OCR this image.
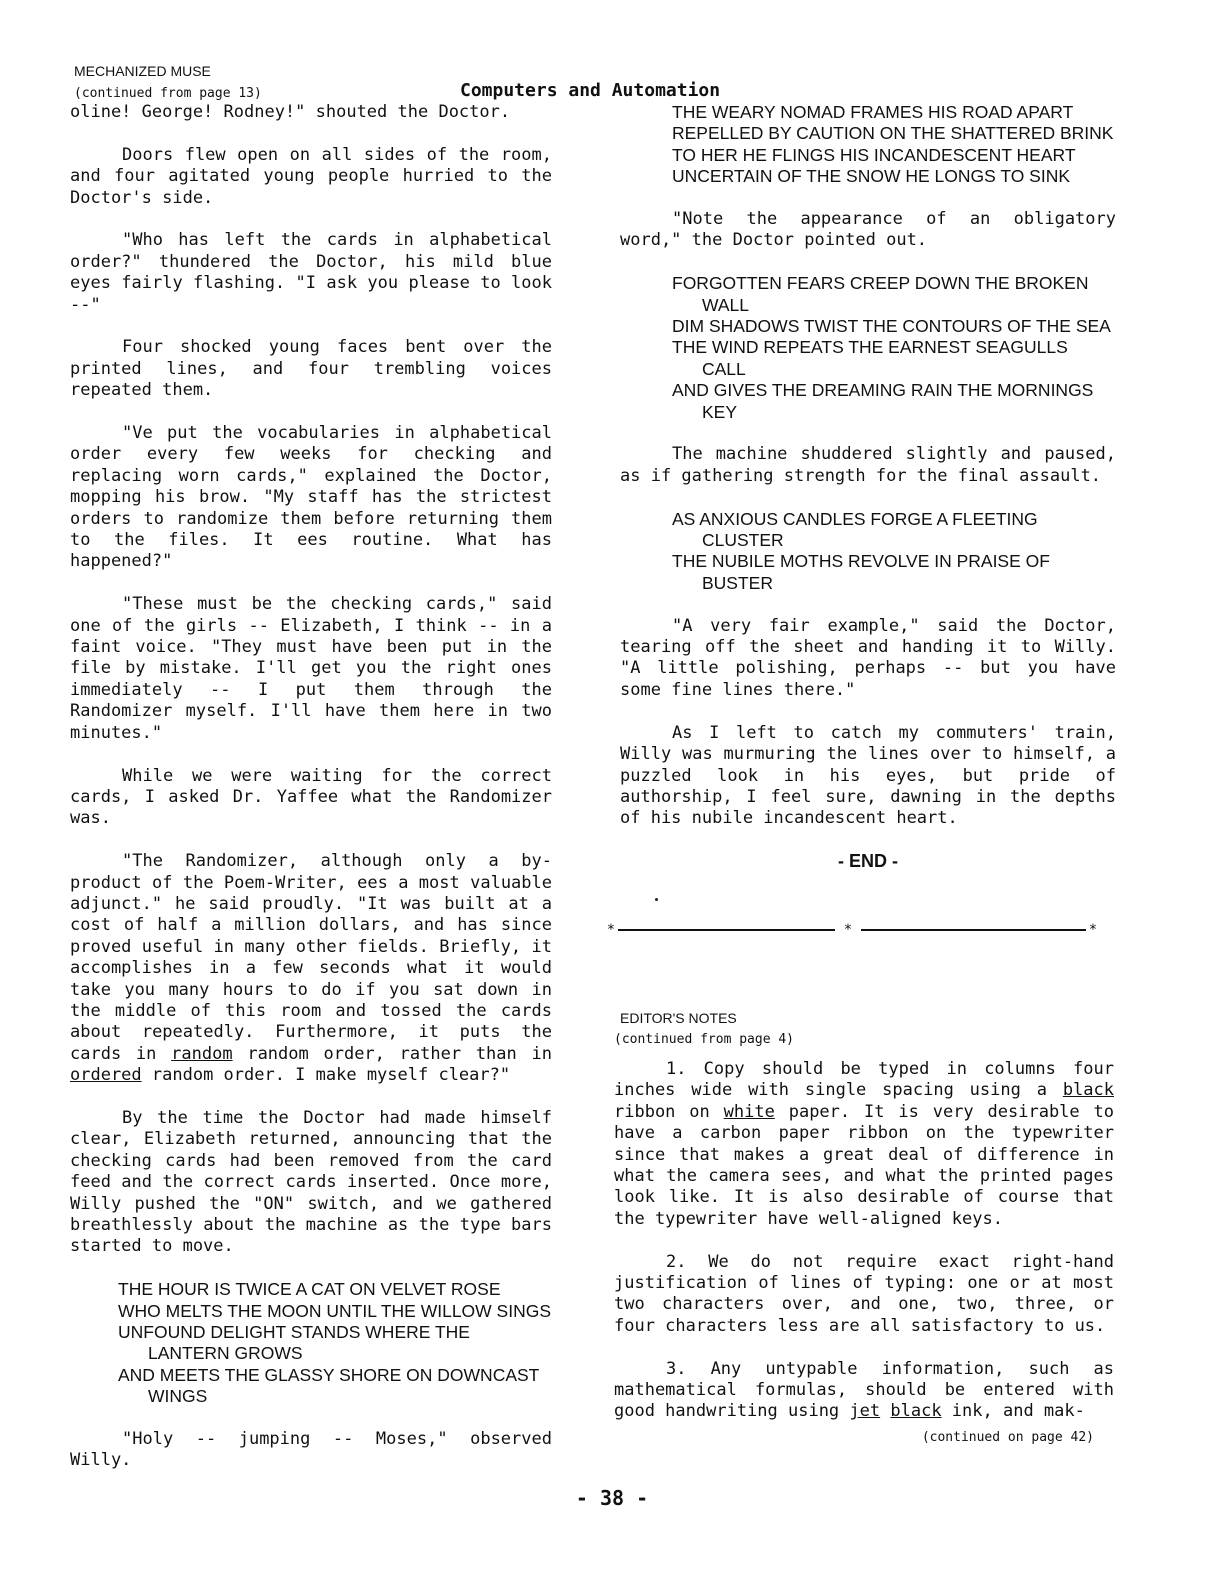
MECHANIZED MUSE
(continued from page 13)	Computers and Automation

oline! George! Rodney!" shouted the Doctor.

Doors flew open on all sides of the room, and four agitated young people hurried to the Doctor's side.

"Who has left the cards in alphabetical order?" thundered the Doctor, his mild blue eyes fairly flashing. "I ask you please to look --"

Four shocked young faces bent over the printed lines, and four trembling voices repeated them.

"Ve put the vocabularies in alphabetical order every few weeks for checking and replacing worn cards," explained the Doctor, mopping his brow. "My staff has the strictest orders to randomize them before returning them to the files. It ees routine. What has happened?"

"These must be the checking cards," said one of the girls -- Elizabeth, I think -- in a faint voice. "They must have been put in the file by mistake. I'll get you the right ones immediately -- I put them through the Randomizer myself. I'll have them here in two minutes."

While we were waiting for the correct cards, I asked Dr. Yaffee what the Randomizer was.

"The Randomizer, although only a by-product of the Poem-Writer, ees a most valuable adjunct." he said proudly. "It was built at a cost of half a million dollars, and has since proved useful in many other fields. Briefly, it accomplishes in a few seconds what it would take you many hours to do if you sat down in the middle of this room and tossed the cards about repeatedly. Furthermore, it puts the cards in random random order, rather than in ordered random order. I make myself clear?"

By the time the Doctor had made himself clear, Elizabeth returned, announcing that the checking cards had been removed from the card feed and the correct cards inserted. Once more, Willy pushed the "ON" switch, and we gathered breathlessly about the machine as the type bars started to move.

THE HOUR IS TWICE A CAT ON VELVET ROSE
WHO MELTS THE MOON UNTIL THE WILLOW SINGS
UNFOUND DELIGHT STANDS WHERE THE LANTERN GROWS
AND MEETS THE GLASSY SHORE ON DOWNCAST WINGS

"Holy -- jumping -- Moses," observed Willy.

THE WEARY NOMAD FRAMES HIS ROAD APART
REPELLED BY CAUTION ON THE SHATTERED BRINK
TO HER HE FLINGS HIS INCANDESCENT HEART
UNCERTAIN OF THE SNOW HE LONGS TO SINK

"Note the appearance of an obligatory word," the Doctor pointed out.

FORGOTTEN FEARS CREEP DOWN THE BROKEN WALL
DIM SHADOWS TWIST THE CONTOURS OF THE SEA
THE WIND REPEATS THE EARNEST SEAGULLS CALL
AND GIVES THE DREAMING RAIN THE MORNINGS KEY

The machine shuddered slightly and paused, as if gathering strength for the final assault.

AS ANXIOUS CANDLES FORGE A FLEETING CLUSTER
THE NUBILE MOTHS REVOLVE IN PRAISE OF BUSTER

"A very fair example," said the Doctor, tearing off the sheet and handing it to Willy. "A little polishing, perhaps -- but you have some fine lines there."

As I left to catch my commuters' train, Willy was murmuring the lines over to himself, a puzzled look in his eyes, but pride of authorship, I feel sure, dawning in the depths of his nubile incandescent heart.

- END -
*	*	*
EDITOR'S NOTES
(continued from page 4)

1. Copy should be typed in columns four inches wide with single spacing using a black ribbon on white paper. It is very desirable to have a carbon paper ribbon on the typewriter since that makes a great deal of difference in what the camera sees, and what the printed pages look like. It is also desirable of course that the typewriter have well-aligned keys.

2. We do not require exact right-hand justification of lines of typing: one or at most two characters over, and one, two, three, or four characters less are all satisfactory to us.

3. Any untypable information, such as mathematical formulas, should be entered with good handwriting using jet black ink, and mak-

(continued on page 42)
- 38 -
